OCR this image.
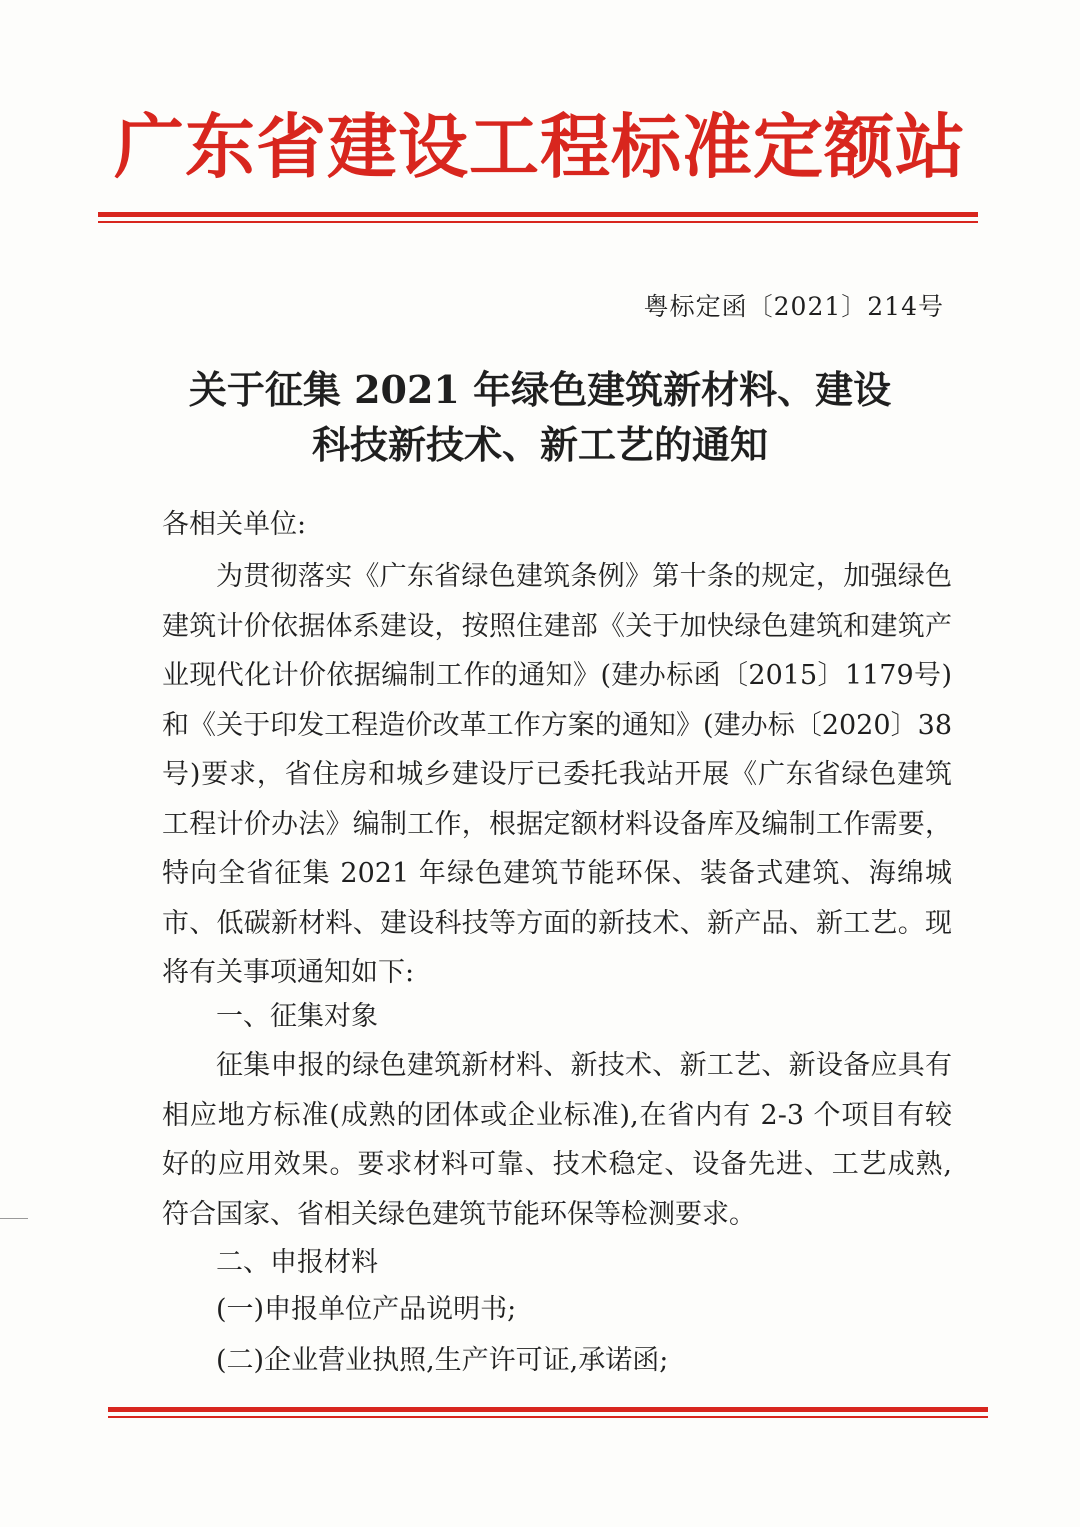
广东省建设工程标准定额站
粤标定函〔2021〕214号
关于征集 2021 年绿色建筑新材料、建设
科技新技术、新工艺的通知
各相关单位:
为贯彻落实《广东省绿色建筑条例》第十条的规定，加强绿色建筑计价依据体系建设，按照住建部《关于加快绿色建筑和建筑产业现代化计价依据编制工作的通知》(建办标函〔2015〕1179号)和《关于印发工程造价改革工作方案的通知》(建办标〔2020〕38号)要求，省住房和城乡建设厅已委托我站开展《广东省绿色建筑工程计价办法》编制工作，根据定额材料设备库及编制工作需要，特向全省征集 2021 年绿色建筑节能环保、装备式建筑、海绵城市、低碳新材料、建设科技等方面的新技术、新产品、新工艺。现将有关事项通知如下:
一、征集对象
征集申报的绿色建筑新材料、新技术、新工艺、新设备应具有相应地方标准(成熟的团体或企业标准),在省内有 2-3 个项目有较好的应用效果。要求材料可靠、技术稳定、设备先进、工艺成熟,符合国家、省相关绿色建筑节能环保等检测要求。
二、申报材料
(一)申报单位产品说明书;
(二)企业营业执照,生产许可证,承诺函;
